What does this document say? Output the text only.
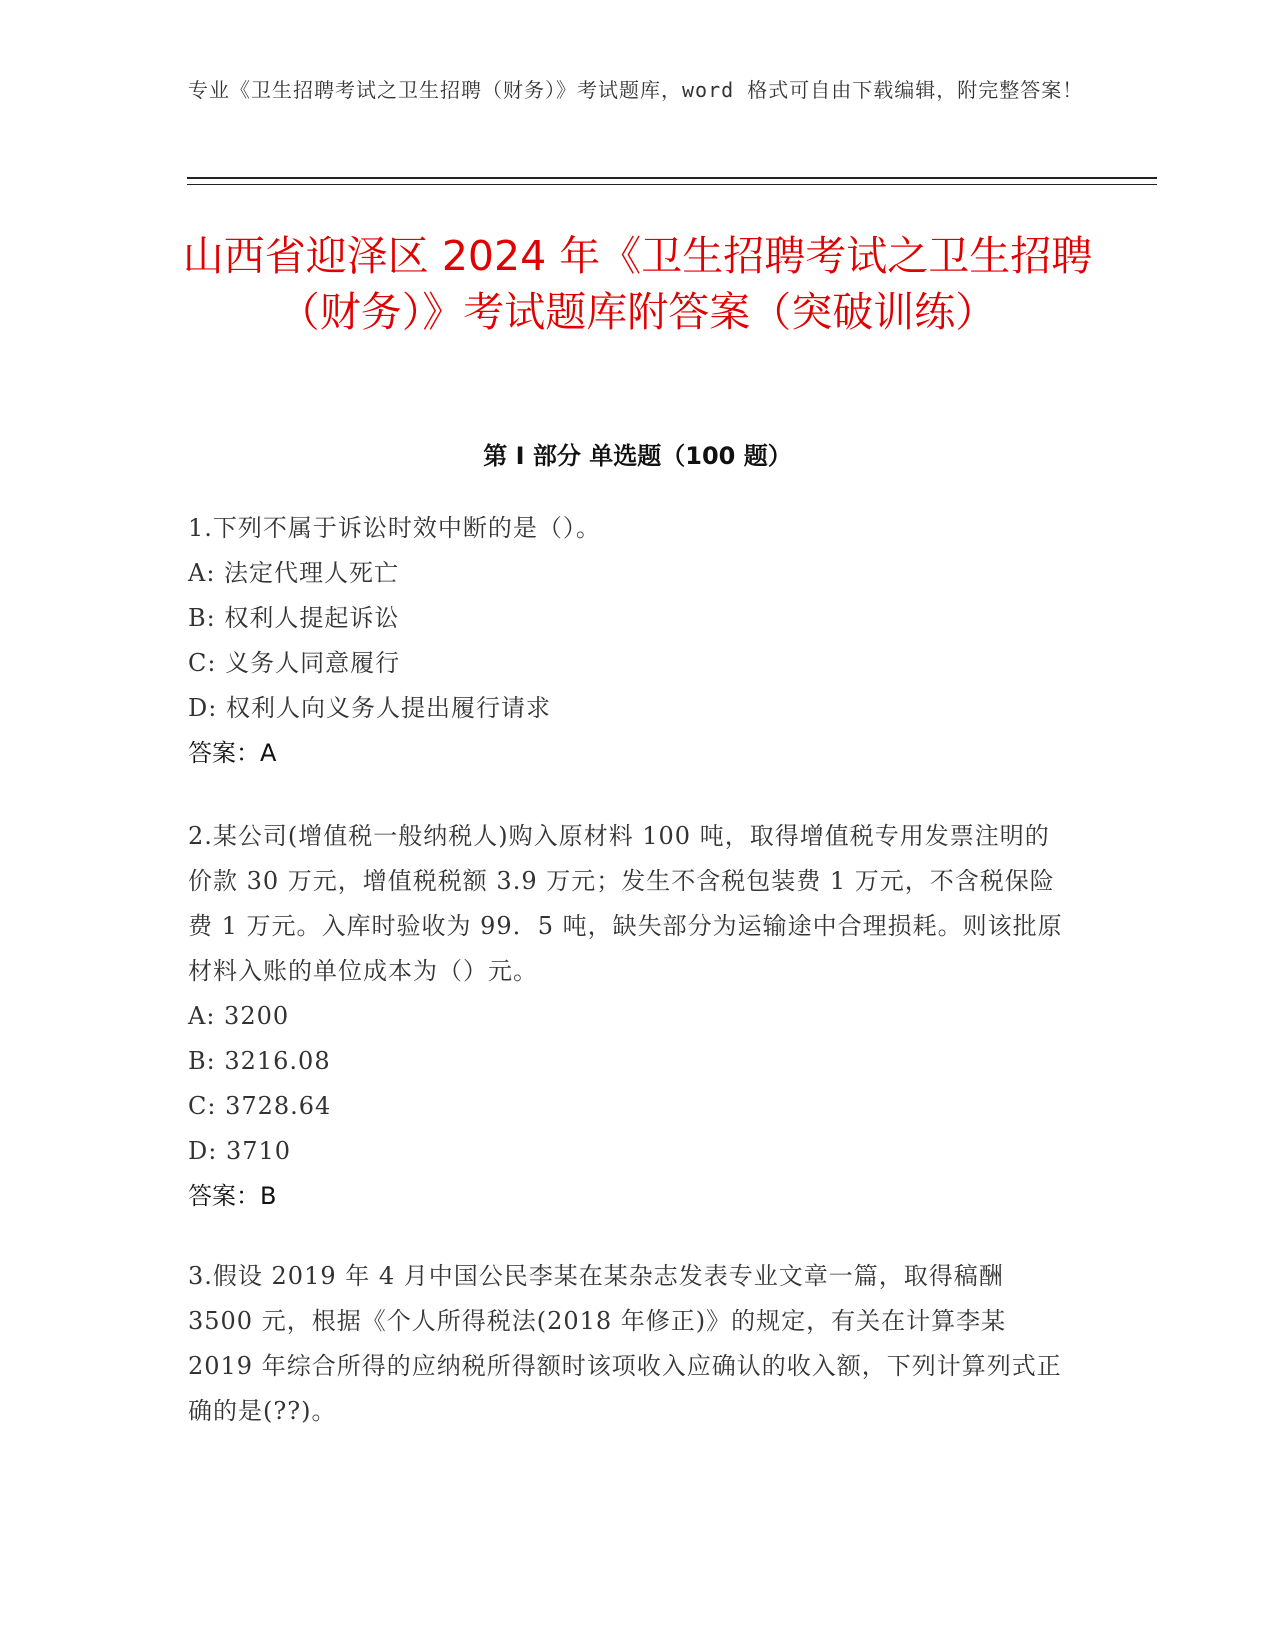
专业《卫生招聘考试之卫生招聘（财务）》考试题库，word 格式可自由下载编辑，附完整答案！
山西省迎泽区 2024 年《卫生招聘考试之卫生招聘（财务）》考试题库附答案（突破训练）
第 I 部分 单选题（100 题）

1.下列不属于诉讼时效中断的是（）。

A: 法定代理人死亡

B: 权利人提起诉讼

C: 义务人同意履行

D: 权利人向义务人提出履行请求

答案：A

2.某公司(增值税一般纳税人)购入原材料 100 吨，取得增值税专用发票注明的价款 30 万元，增值税税额 3.9 万元；发生不含税包装费 1 万元，不含税保险费 1 万元。入库时验收为 99．5 吨，缺失部分为运输途中合理损耗。则该批原材料入账的单位成本为（）元。

A: 3200

B: 3216.08

C: 3728.64

D: 3710

答案：B

3.假设 2019 年 4 月中国公民李某在某杂志发表专业文章一篇，取得稿酬 3500 元，根据《个人所得税法(2018 年修正)》的规定，有关在计算李某 2019 年综合所得的应纳税所得额时该项收入应确认的收入额，下列计算列式正确的是(??)。
